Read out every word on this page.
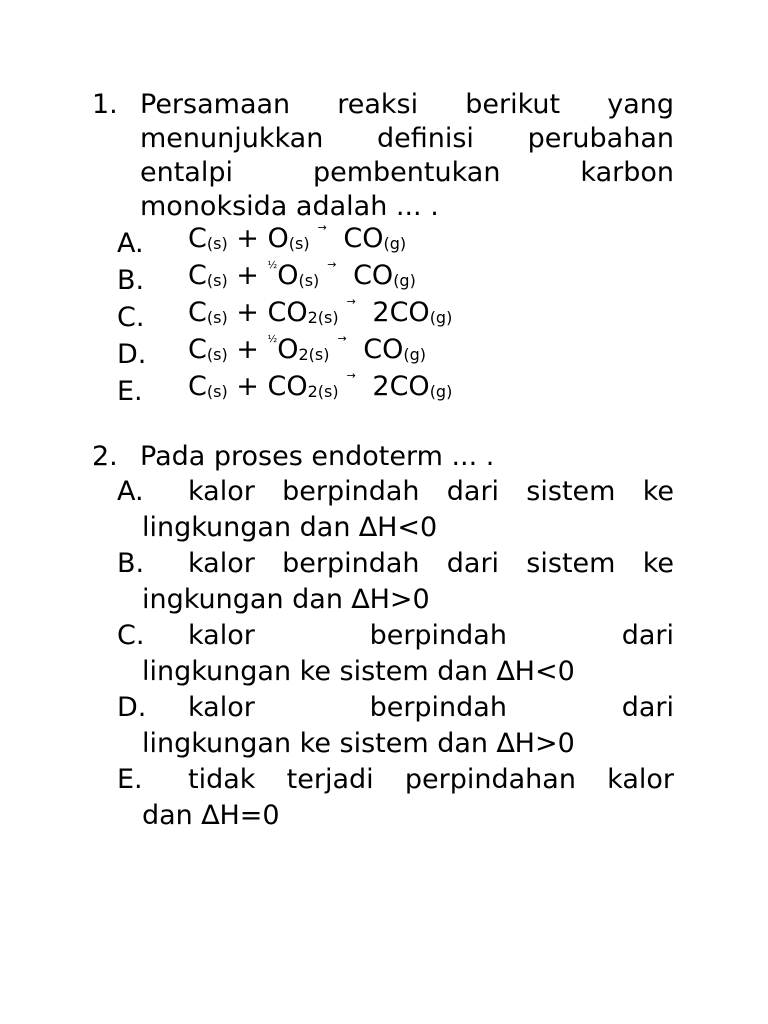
1. Persamaan reaksi berikut yang menunjukkan definisi perubahan entalpi pembentukan karbon monoksida adalah ... .
A.	C(s) + O(s)→ CO(g)
B.	C(s) + $^{\frac{1}{2}}$O(s)→ CO(g)
C.	C(s) + CO2(s)→ 2CO(g)
D.	C(s) + $^{\frac{1}{2}}$O2(s)→ CO(g)
E.	C(s) + CO2(s)→ 2CO(g)
2. Pada proses endoterm ... .
A.	kalor berpindah dari sistem ke
lingkungan dan ∆H<0
B.	kalor berpindah dari sistem ke
ingkungan dan ∆H>0
C.	kalor berpindah dari
lingkungan ke sistem dan ∆H<0
D.	kalor berpindah dari
lingkungan ke sistem dan ∆H>0
E.	tidak terjadi perpindahan kalor
dan ∆H=0
